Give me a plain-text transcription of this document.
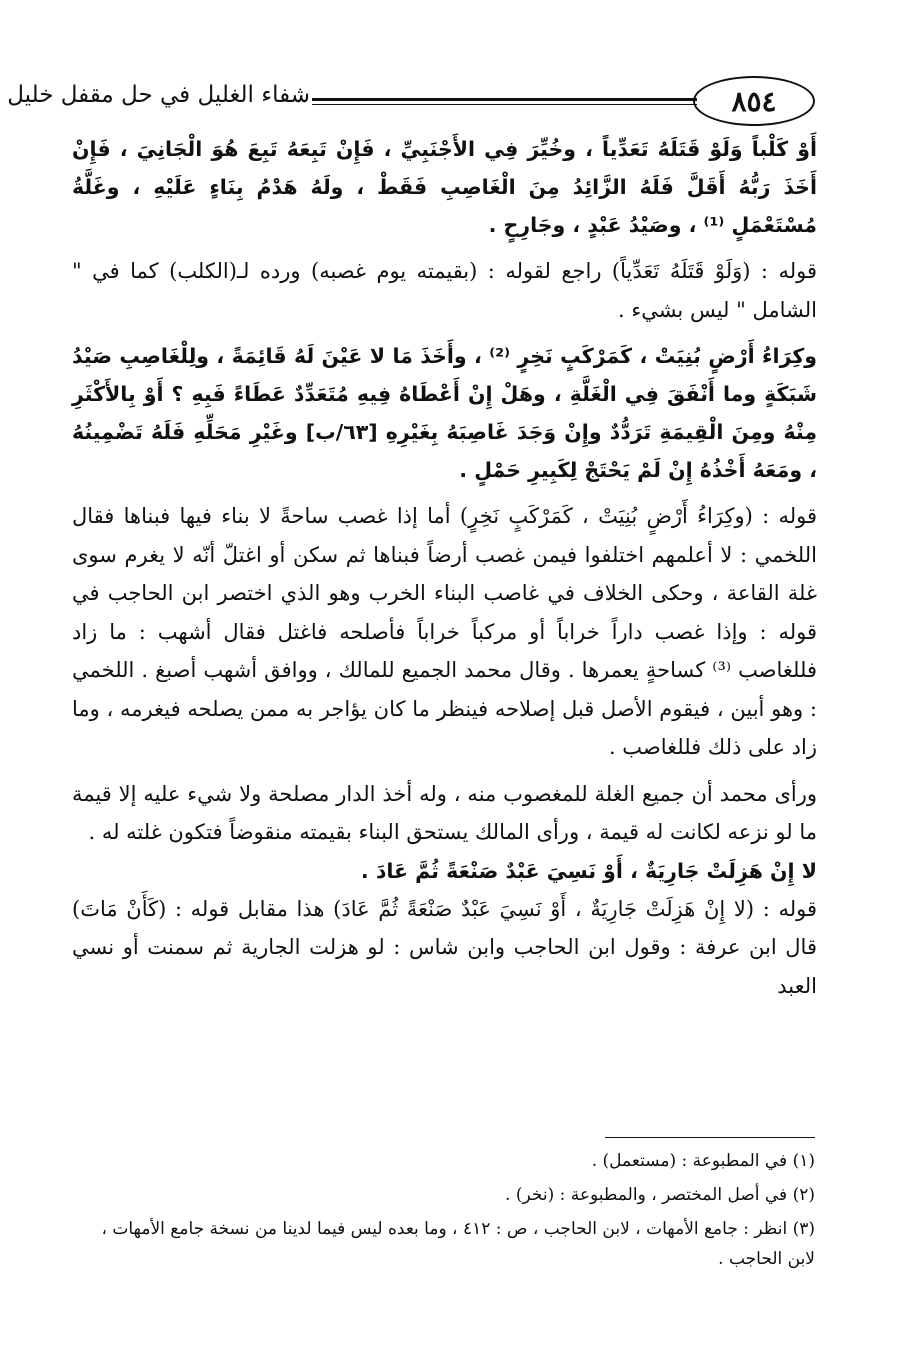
٨٥٤
شفاء الغليل في حل مقفل خليل

أَوْ كَلْباً وَلَوْ قَتَلَهُ تَعَدِّياً ، وخُيِّرَ فِي الأَجْنَبِيِّ ، فَإِنْ تَبِعَهُ تَبِعَ هُوَ الْجَانِيَ ، فَإِنْ أَخَذَ رَبُّهُ أَقَلَّ فَلَهُ الزَّائِدُ مِنَ الْغَاصِبِ فَقَطْ ، ولَهُ هَدْمُ بِنَاءٍ عَلَيْهِ ، وغَلَّةُ مُسْتَعْمَلٍ ⁽¹⁾ ، وصَيْدُ عَبْدٍ ، وجَارِحٍ .

قوله : (وَلَوْ قَتَلَهُ تَعَدِّياً) راجع لقوله : (بقيمته يوم غصبه) ورده لـ(الكلب) كما في " الشامل " ليس بشيء .

وكِرَاءُ أَرْضٍ بُنِيَتْ ، كَمَرْكَبٍ نَخِرٍ ⁽²⁾ ، وأَخَذَ مَا لا عَيْنَ لَهُ قَائِمَةً ، ولِلْغَاصِبِ صَيْدُ شَبَكَةٍ وما أَنْفَقَ فِي الْغَلَّةِ ، وهَلْ إِنْ أَعْطَاهُ فِيهِ مُتَعَدِّدٌ عَطَاءً فَبِهِ ؟ أَوْ بِالأَكْثَرِ مِنْهُ ومِنَ الْقِيمَةِ تَرَدُّدٌ وإِنْ وَجَدَ غَاصِبَهُ بِغَيْرِهِ [٦٣/ب] وغَيْرِ مَحَلِّهِ فَلَهُ تَضْمِينُهُ ، ومَعَهُ أَخْذُهُ إِنْ لَمْ يَحْتَجْ لِكَبِيرِ حَمْلٍ .

قوله : (وكِرَاءُ أَرْضٍ بُنِيَتْ ، كَمَرْكَبٍ نَخِرٍ) أما إذا غصب ساحةً لا بناء فيها فبناها فقال اللخمي : لا أعلمهم اختلفوا فيمن غصب أرضاً فبناها ثم سكن أو اغتلّ أنّه لا يغرم سوى غلة القاعة ، وحكى الخلاف في غاصب البناء الخرب وهو الذي اختصر ابن الحاجب في قوله : وإذا غصب داراً خراباً أو مركباً خراباً فأصلحه فاغتل فقال أشهب : ما زاد فللغاصب ⁽³⁾ كساحةٍ يعمرها . وقال محمد الجميع للمالك ، ووافق أشهب أصبغ . اللخمي : وهو أبين ، فيقوم الأصل قبل إصلاحه فينظر ما كان يؤاجر به ممن يصلحه فيغرمه ، وما زاد على ذلك فللغاصب .

ورأى محمد أن جميع الغلة للمغصوب منه ، وله أخذ الدار مصلحة ولا شيء عليه إلا قيمة ما لو نزعه لكانت له قيمة ، ورأى المالك يستحق البناء بقيمته منقوضاً فتكون غلته له .

لا إِنْ هَزِلَتْ جَارِيَةٌ ، أَوْ نَسِيَ عَبْدٌ صَنْعَةً ثُمَّ عَادَ .

قوله : (لا إِنْ هَزِلَتْ جَارِيَةٌ ، أَوْ نَسِيَ عَبْدٌ صَنْعَةً ثُمَّ عَادَ) هذا مقابل قوله : (كَأَنْ مَاتَ) قال ابن عرفة : وقول ابن الحاجب وابن شاس : لو هزلت الجارية ثم سمنت أو نسي العبد

(١) في المطبوعة : (مستعمل) .

(٢) في أصل المختصر ، والمطبوعة : (نخر) .

(٣) انظر : جامع الأمهات ، لابن الحاجب ، ص : ٤١٢ ، وما بعده ليس فيما لدينا من نسخة جامع الأمهات ، لابن الحاجب .
